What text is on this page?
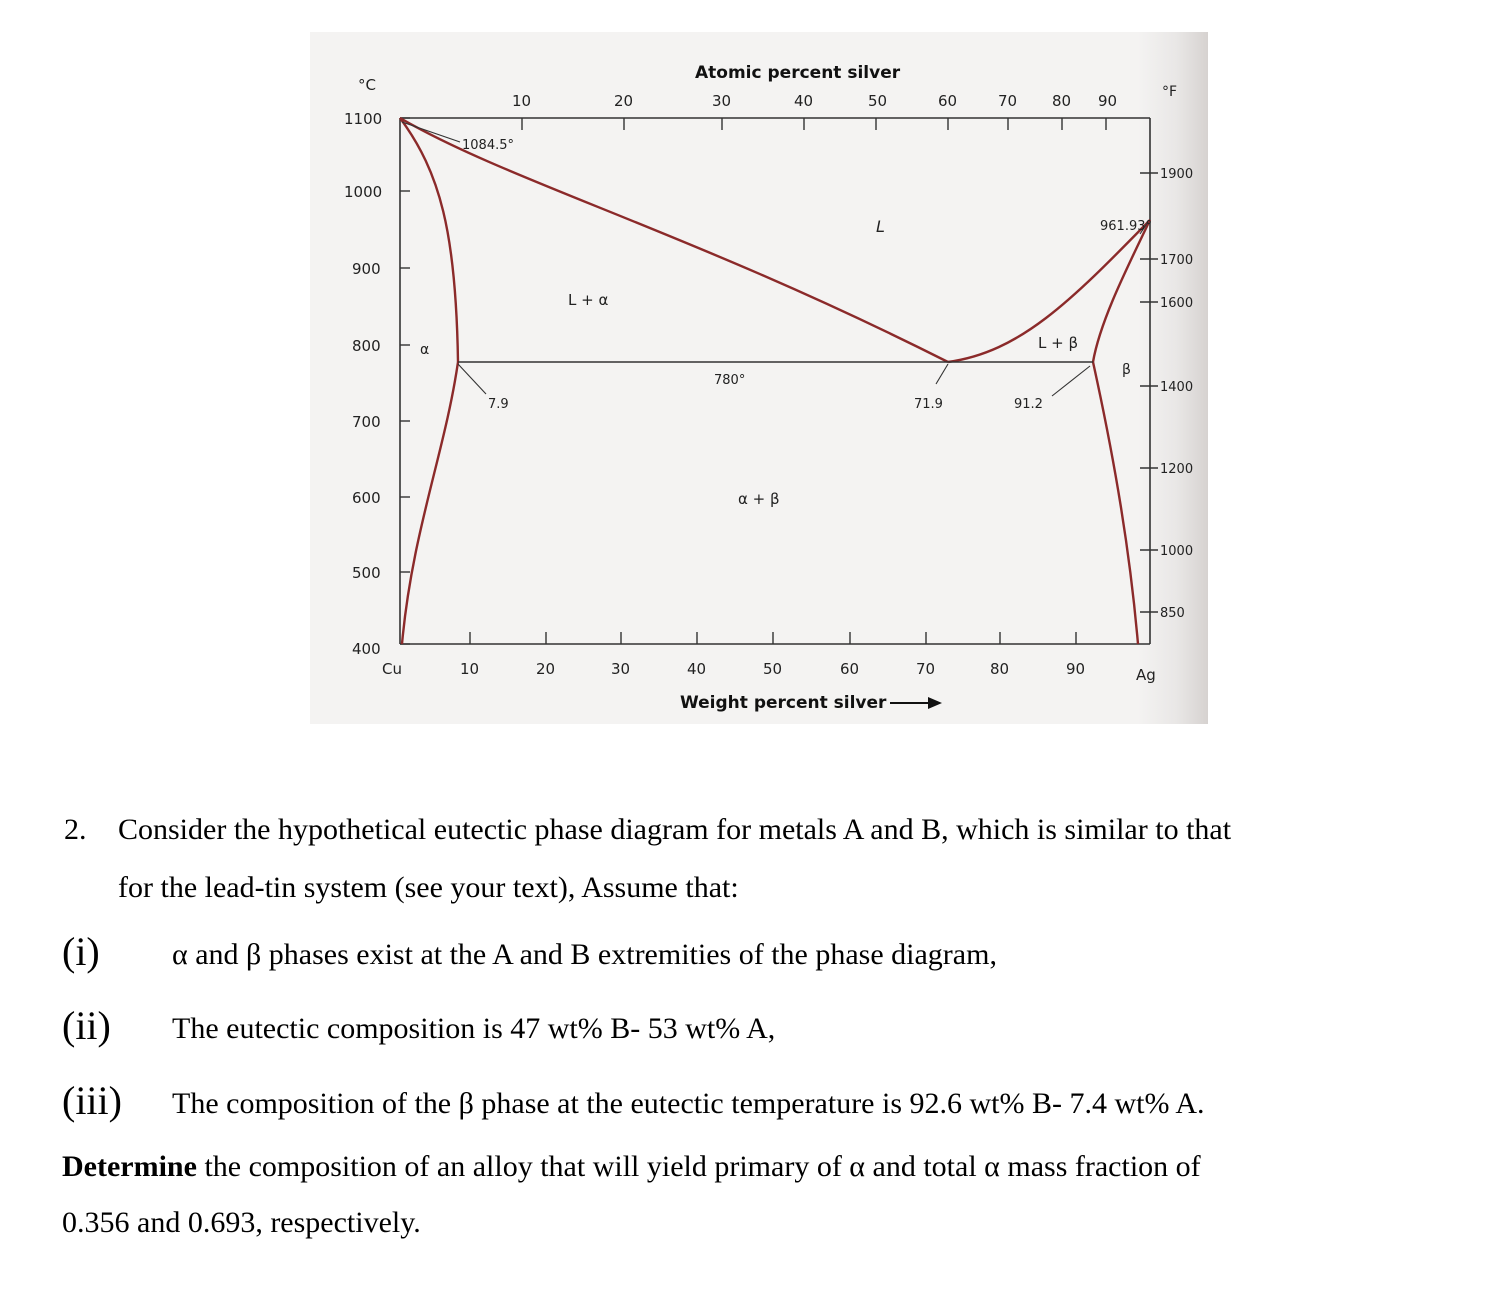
°C
1100
1000
900
800
700
600
500
400
°F
1900
1700
1600
1400
1200
1000
850
Atomic percent silver
10	20	30	40	50	60	70 80 90
Cu	10	20	30	40	50	60	70	80	90	Ag
Weight percent silver
1084.5°
961.93°
L
L + α
L + β
α
β
α + β
780°
7.9	71.9	91.2
2. Consider the hypothetical eutectic phase diagram for metals A and B, which is similar to that
for the lead-tin system (see your text), Assume that:
(i) α and β phases exist at the A and B extremities of the phase diagram,
(ii) The eutectic composition is 47 wt% B- 53 wt% A,
(iii) The composition of the β phase at the eutectic temperature is 92.6 wt% B- 7.4 wt% A.
Determine the composition of an alloy that will yield primary of α and total α mass fraction of
0.356 and 0.693, respectively.
